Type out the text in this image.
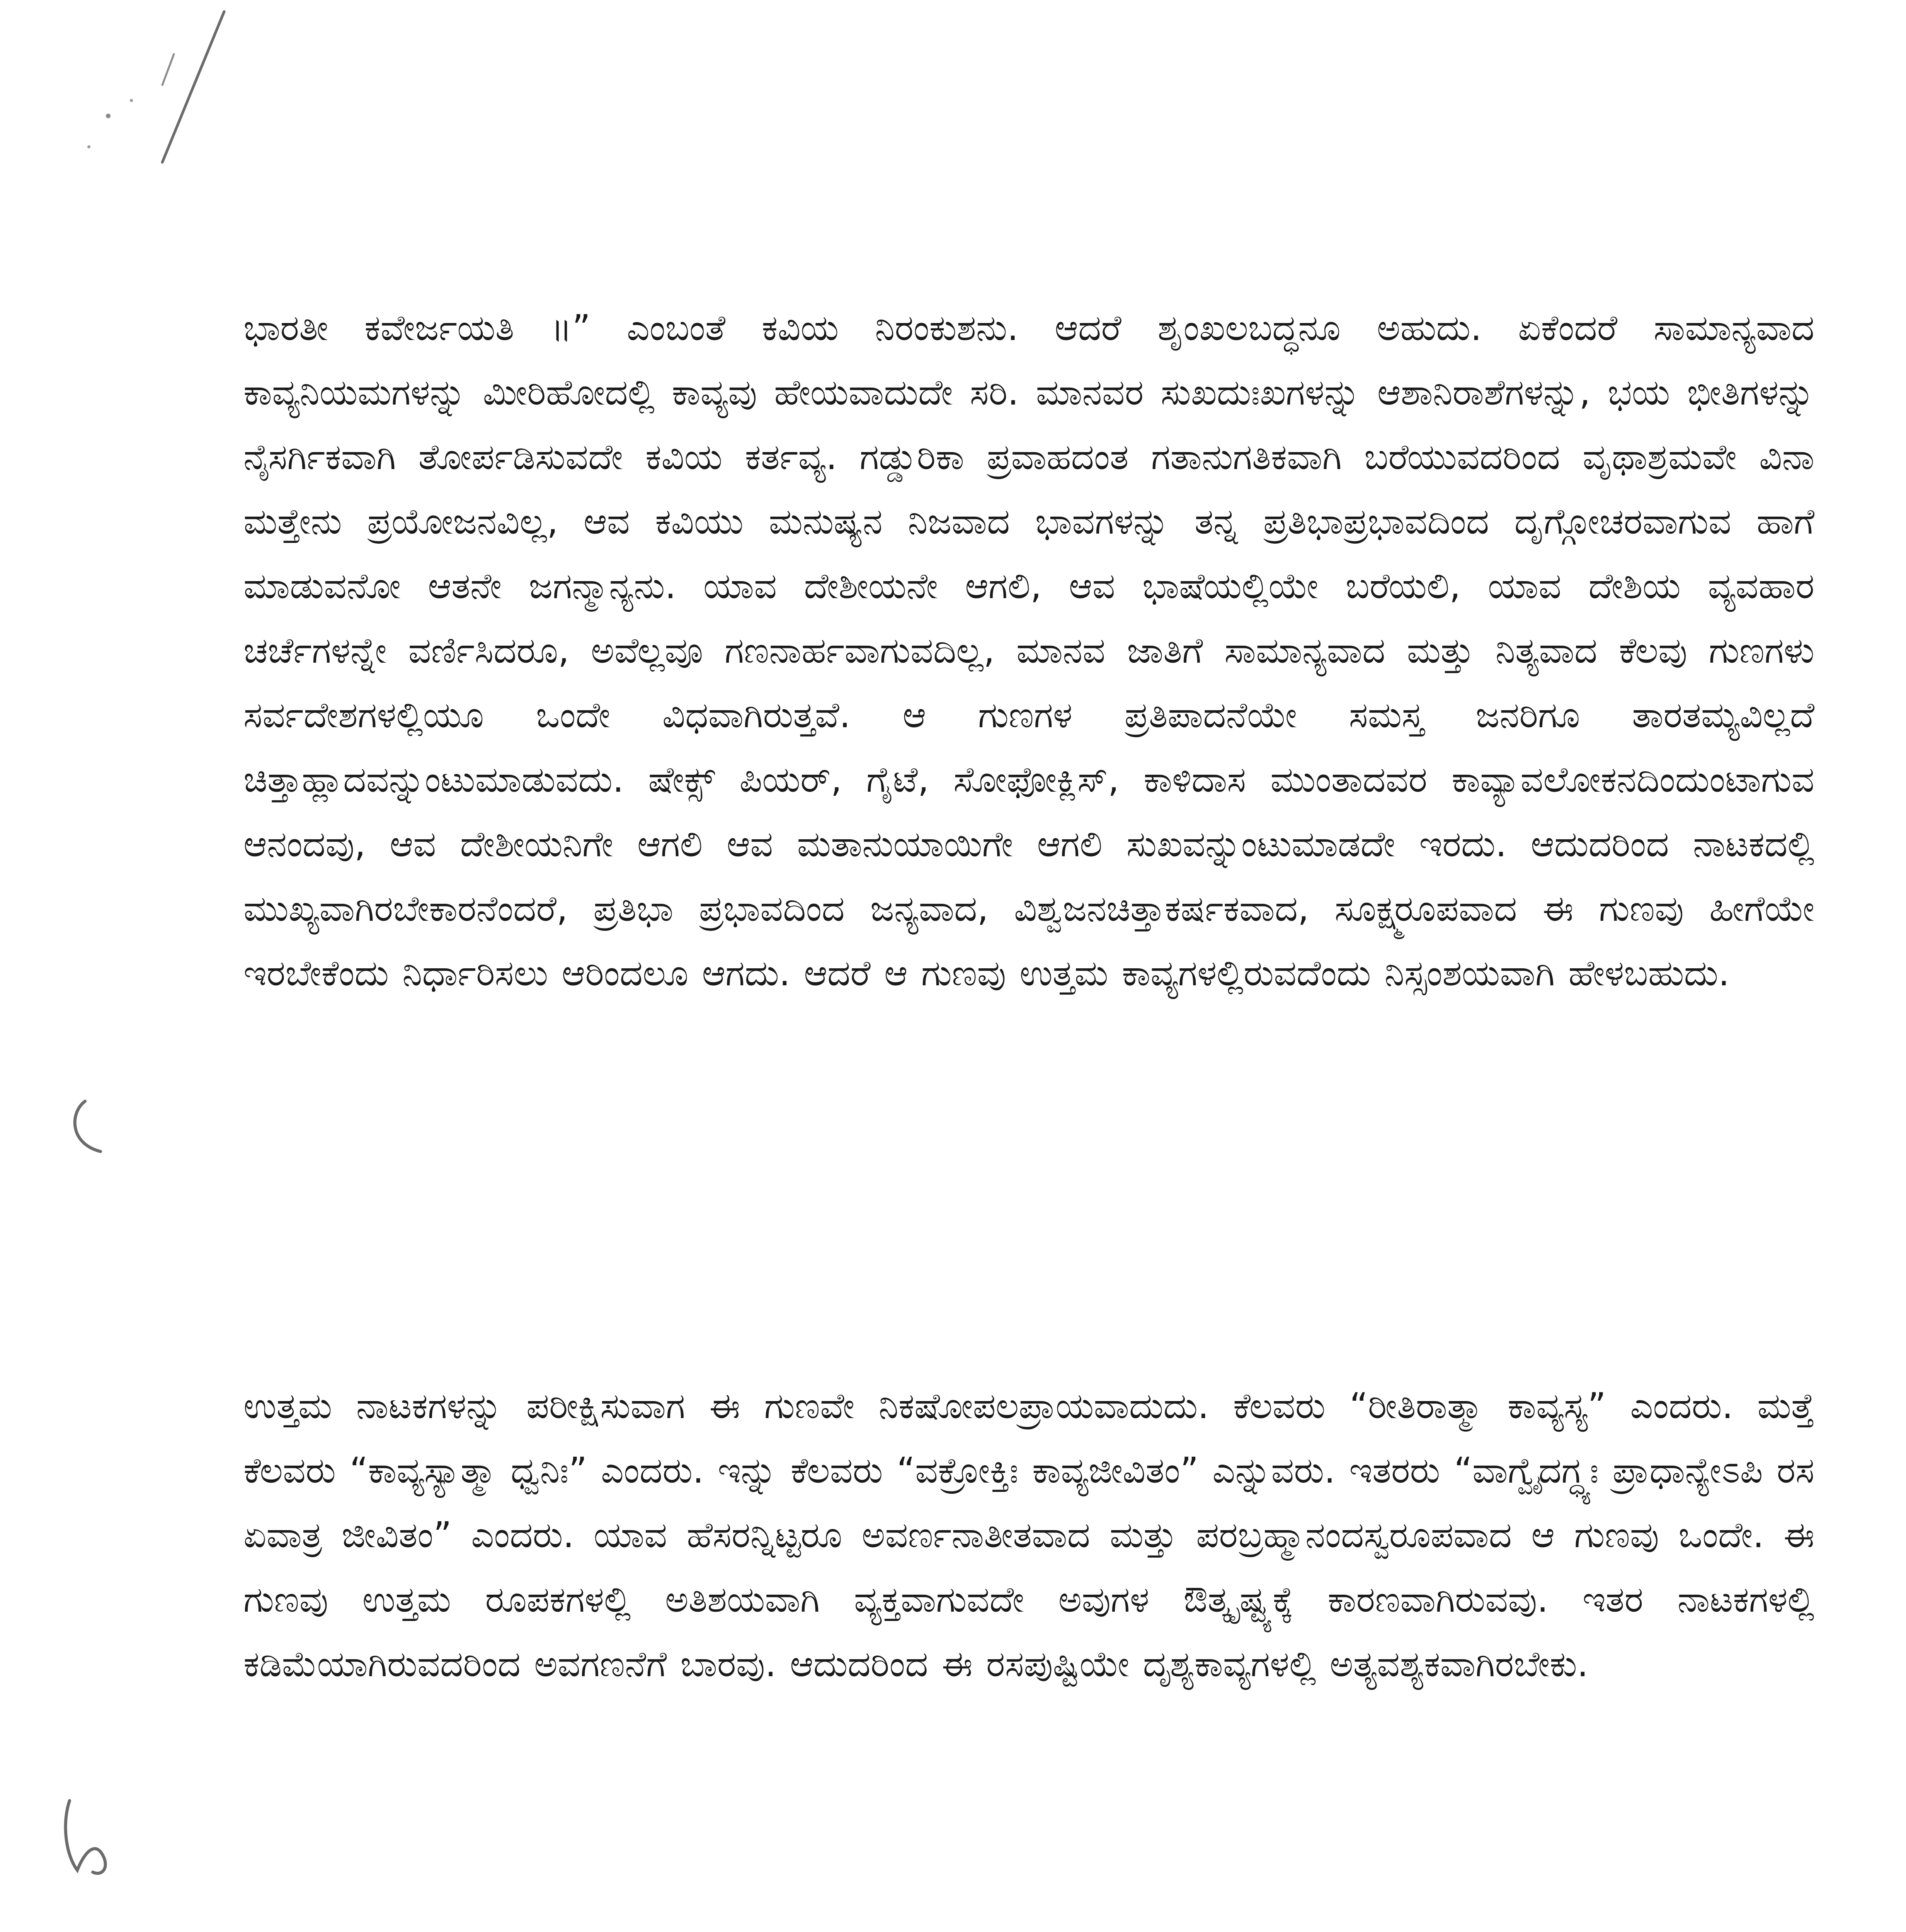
ಭಾರತೀ ಕವೇರ್ಜಯತಿ ॥” ಎಂಬಂತೆ ಕವಿಯ ನಿರಂಕುಶನು. ಆದರೆ ಶೃಂಖಲಬದ್ಧನೂ ಅಹುದು. ಏಕೆಂದರೆ ಸಾಮಾನ್ಯವಾದ ಕಾವ್ಯನಿಯಮಗಳನ್ನು ಮೀರಿಹೋದಲ್ಲಿ ಕಾವ್ಯವು ಹೇಯವಾದುದೇ ಸರಿ. ಮಾನವರ ಸುಖದುಃಖಗಳನ್ನು ಆಶಾನಿರಾಶೆಗಳನ್ನು, ಭಯ ಭೀತಿಗಳನ್ನು ನೈಸರ್ಗಿಕವಾಗಿ ತೋರ್ಪಡಿಸುವದೇ ಕವಿಯ ಕರ್ತವ್ಯ. ಗಡ್ಡುರಿಕಾ ಪ್ರವಾಹದಂತ ಗತಾನುಗತಿಕವಾಗಿ ಬರೆಯುವದರಿಂದ ವೃಥಾಶ್ರಮವೇ ವಿನಾ ಮತ್ತೇನು ಪ್ರಯೋಜನವಿಲ್ಲ, ಆವ ಕವಿಯು ಮನುಷ್ಯನ ನಿಜವಾದ ಭಾವಗಳನ್ನು ತನ್ನ ಪ್ರತಿಭಾಪ್ರಭಾವದಿಂದ ದೃಗ್ಗೋಚರವಾಗುವ ಹಾಗೆ ಮಾಡುವನೋ ಆತನೇ ಜಗನ್ಮಾನ್ಯನು. ಯಾವ ದೇಶೀಯನೇ ಆಗಲಿ, ಆವ ಭಾಷೆಯಲ್ಲಿಯೇ ಬರೆಯಲಿ, ಯಾವ ದೇಶಿಯ ವ್ಯವಹಾರ ಚರ್ಚೆಗಳನ್ನೇ ವರ್ಣಿಸಿದರೂ, ಅವೆಲ್ಲವೂ ಗಣನಾರ್ಹವಾಗುವದಿಲ್ಲ, ಮಾನವ ಜಾತಿಗೆ ಸಾಮಾನ್ಯವಾದ ಮತ್ತು ನಿತ್ಯವಾದ ಕೆಲವು ಗುಣಗಳು ಸರ್ವದೇಶಗಳಲ್ಲಿಯೂ ಒಂದೇ ವಿಧವಾಗಿರುತ್ತವೆ. ಆ ಗುಣಗಳ ಪ್ರತಿಪಾದನೆಯೇ ಸಮಸ್ತ ಜನರಿಗೂ ತಾರತಮ್ಯವಿಲ್ಲದೆ ಚಿತ್ತಾಹ್ಲಾದವನ್ನುಂಟುಮಾಡುವದು. ಷೇಕ್ಸ್ ಪಿಯರ್, ಗೈಟೆ, ಸೋಫೋಕ್ಲಿಸ್, ಕಾಳಿದಾಸ ಮುಂತಾದವರ ಕಾವ್ಯಾವಲೋಕನದಿಂದುಂಟಾಗುವ ಆನಂದವು, ಆವ ದೇಶೀಯನಿಗೇ ಆಗಲಿ ಆವ ಮತಾನುಯಾಯಿಗೇ ಆಗಲಿ ಸುಖವನ್ನುಂಟುಮಾಡದೇ ಇರದು. ಆದುದರಿಂದ ನಾಟಕದಲ್ಲಿ ಮುಖ್ಯವಾಗಿರಬೇಕಾರನೆಂದರೆ, ಪ್ರತಿಭಾ ಪ್ರಭಾವದಿಂದ ಜನ್ಯವಾದ, ವಿಶ್ವಜನಚಿತ್ತಾಕರ್ಷಕವಾದ, ಸೂಕ್ಷ್ಮರೂಪವಾದ ಈ ಗುಣವು ಹೀಗೆಯೇ ಇರಬೇಕೆಂದು ನಿರ್ಧಾರಿಸಲು ಆರಿಂದಲೂ ಆಗದು. ಆದರೆ ಆ ಗುಣವು ಉತ್ತಮ ಕಾವ್ಯಗಳಲ್ಲಿರುವದೆಂದು ನಿಸ್ಸಂಶಯವಾಗಿ ಹೇಳಬಹುದು.

ಉತ್ತಮ ನಾಟಕಗಳನ್ನು ಪರೀಕ್ಷಿಸುವಾಗ ಈ ಗುಣವೇ ನಿಕಷೋಪಲಪ್ರಾಯವಾದುದು. ಕೆಲವರು “ರೀತಿರಾತ್ಮಾ ಕಾವ್ಯಸ್ಯ” ಎಂದರು. ಮತ್ತೆ ಕೆಲವರು “ಕಾವ್ಯಸ್ಯಾತ್ಮಾ ಧ್ವನಿಃ” ಎಂದರು. ಇನ್ನು ಕೆಲವರು “ವಕ್ರೋಕ್ತಿಃ ಕಾವ್ಯಜೀವಿತಂ” ಎನ್ನುವರು. ಇತರರು “ವಾಗ್ವೈದಗ್ಧ್ಯಃ ಪ್ರಾಧಾನ್ಯೇಽಪಿ ರಸ ಏವಾತ್ರ ಜೀವಿತಂ” ಎಂದರು. ಯಾವ ಹೆಸರನ್ನಿಟ್ಟರೂ ಅವರ್ಣನಾತೀತವಾದ ಮತ್ತು ಪರಬ್ರಹ್ಮಾನಂದಸ್ವರೂಪವಾದ ಆ ಗುಣವು ಒಂದೇ. ಈ ಗುಣವು ಉತ್ತಮ ರೂಪಕಗಳಲ್ಲಿ ಅತಿಶಯವಾಗಿ ವ್ಯಕ್ತವಾಗುವದೇ ಅವುಗಳ ಔತ್ಕೃಷ್ಟ್ಯಕ್ಕೆ ಕಾರಣವಾಗಿರುವವು. ಇತರ ನಾಟಕಗಳಲ್ಲಿ ಕಡಿಮೆಯಾಗಿರುವದರಿಂದ ಅವಗಣನೆಗೆ ಬಾರವು. ಆದುದರಿಂದ ಈ ರಸಪುಷ್ಟಿಯೇ ದೃಶ್ಯಕಾವ್ಯಗಳಲ್ಲಿ ಅತ್ಯವಶ್ಯಕವಾಗಿರಬೇಕು.
